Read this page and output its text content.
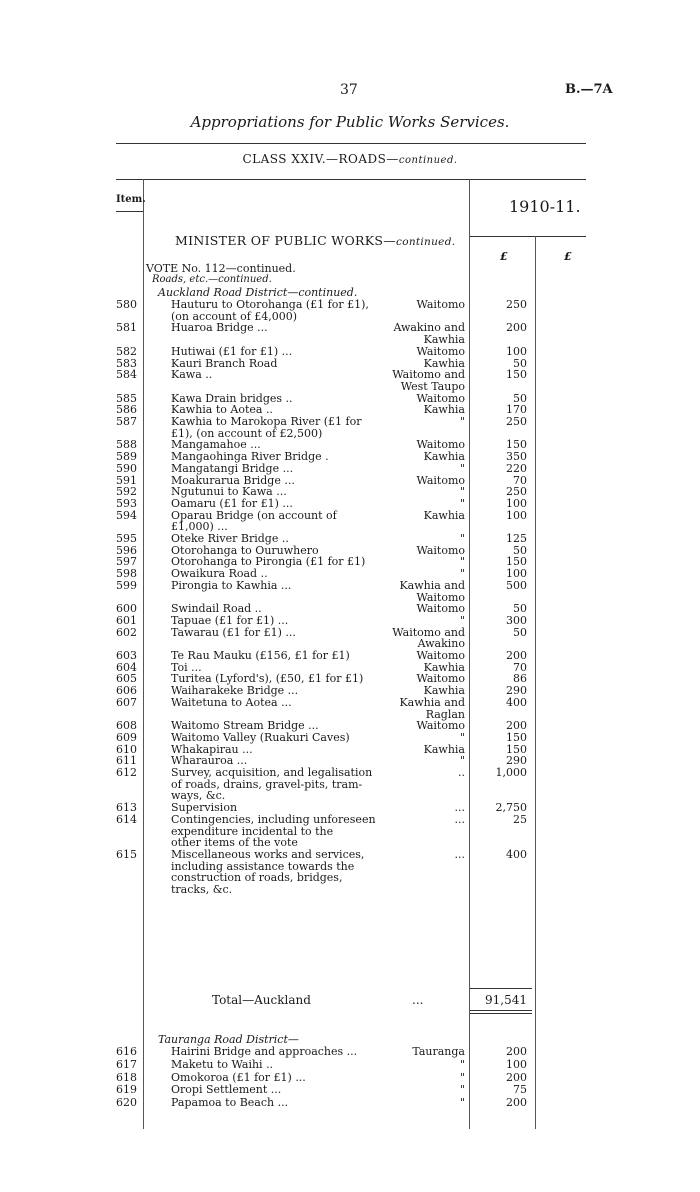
37	B.—7A
Appropriations for Public Works Services.
CLASS XXIV.—ROADS—continued.
Item.	1910-11.
MINISTER OF PUBLIC WORKS—continued.
£	£
VOTE No. 112—continued.
Roads, etc.—continued.
Auckland Road District—continued.
580	Hauturu to Otorohanga (£1 for £1),	Waitomo	250
(on account of £4,000)
581	Huaroa Bridge ...	Awakino and	200
Kawhia
582	Hutiwai (£1 for £1) ...	Waitomo	100
583	Kauri Branch Road	Kawhia	50
584	Kawa ..	Waitomo and	150
West Taupo
585	Kawa Drain bridges ..	Waitomo	50
586	Kawhia to Aotea ..	Kawhia	170
587	Kawhia to Marokopa River (£1 for	"	250
£1), (on account of £2,500)
588	Mangamahoe ...	Waitomo	150
589	Mangaohinga River Bridge .	Kawhia	350
590	Mangatangi Bridge ...	"	220
591	Moakurarua Bridge ...	Waitomo	70
592	Ngutunui to Kawa ...	"	250
593	Oamaru (£1 for £1) ...	"	100
594	Oparau Bridge (on account of	Kawhia	100
£1,000) ...
595	Oteke River Bridge ..	"	125
596	Otorohanga to Ouruwhero	Waitomo	50
597	Otorohanga to Pirongia (£1 for £1)	"	150
598	Owaikura Road ..	"	100
599	Pirongia to Kawhia ...	Kawhia and	500
Waitomo
600	Swindail Road ..	Waitomo	50
601	Tapuae (£1 for £1) ...	"	300
602	Tawarau (£1 for £1) ...	Waitomo and	50
Awakino
603	Te Rau Mauku (£156, £1 for £1)	Waitomo	200
604	Toi ...	Kawhia	70
605	Turitea (Lyford's), (£50, £1 for £1)	Waitomo	86
606	Waiharakeke Bridge ...	Kawhia	290
607	Waitetuna to Aotea ...	Kawhia and	400
Raglan
608	Waitomo Stream Bridge ...	Waitomo	200
609	Waitomo Valley (Ruakuri Caves)	"	150
610	Whakapirau ...	Kawhia	150
611	Wharauroa ...	"	290
612	Survey, acquisition, and legalisation	..	1,000
of roads, drains, gravel-pits, tram-
ways, &c.
613	Supervision	...	2,750
614	Contingencies, including unforeseen	...	25
expenditure incidental to the
other items of the vote
615	Miscellaneous works and services,	...	400
including assistance towards the
construction of roads, bridges,
tracks, &c.
Total—Auckland	...	91,541
Tauranga Road District—
616	Hairini Bridge and approaches ...	Tauranga	200
617	Maketu to Waihi ..	"	100
618	Omokoroa (£1 for £1) ...	"	200
619	Oropi Settlement ...	"	75
620	Papamoa to Beach ...	"	200
